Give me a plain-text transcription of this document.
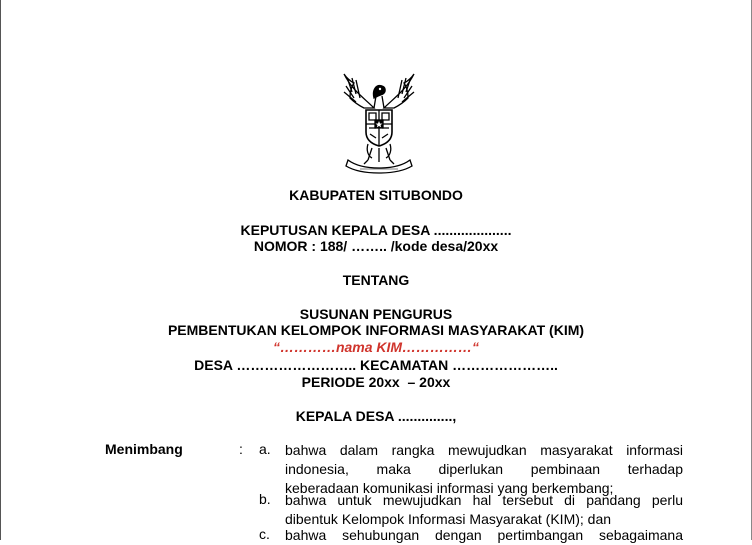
KABUPATEN SITUBONDO
KEPUTUSAN KEPALA DESA ....................
NOMOR : 188/ …….. /kode desa/20xx
TENTANG
SUSUNAN PENGURUS
PEMBENTUKAN KELOMPOK INFORMASI MASYARAKAT (KIM)
“…………nama KIM……………“
DESA …………………….. KECAMATAN …………………..
PERIODE 20xx  – 20xx
KEPALA DESA ..............,
Menimbang	: a.	bahwa dalam rangka mewujudkan masyarakat informasi
indonesia, maka diperlukan pembinaan terhadap
keberadaan komunikasi informasi yang berkembang;
b.	bahwa untuk mewujudkan hal tersebut di pandang perlu
dibentuk Kelompok Informasi Masyarakat (KIM); dan
c.	bahwa sehubungan dengan pertimbangan sebagaimana
